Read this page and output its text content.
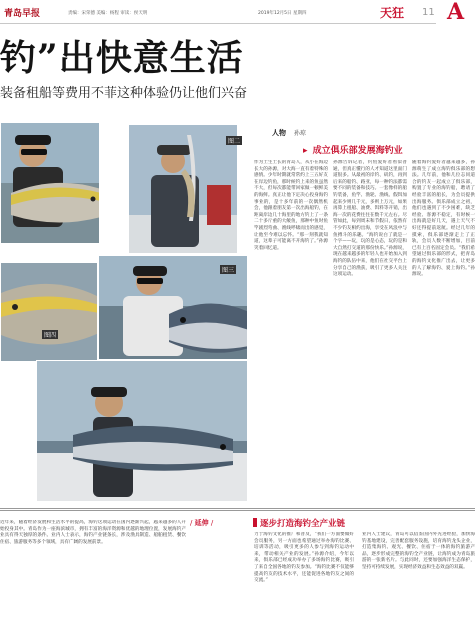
青岛早报	责编：宋荣德 美编：杨程 审读：侯天明	2019年12月5日 星期四	天狂 11 A
钓”出快意生活
装备租船等费用不菲这种体验仍让他们兴奋
图二
图三
图四
人物 孙琼
▸ 成立俱乐部发展海钓业
作为土生土长的青岛人，从小在海边长大的孙源，对大海一直有着特殊的感情。少年时期就常常约上三五好友在岸边钓鱼，那时候钓上来的鱼虽然不大，但每次都能带回家做一顿鲜美的海鲜。真正让他下定决心投身海钓事业的，是十多年前的一次偶然机会，他跟着朋友第一次出海船钓，在距离岸边几十海里的地方钓上了一条二十多斤重的大鲅鱼，那种中鱼时鱼竿剧烈弯曲、渔线呼啸而出的感觉，让他至今难以忘怀。“那一刻我就知道，这辈子可能离不开海钓了。”孙源笑着回忆道。
孙源告诉记者，钓鱼爱好者看似普通，但真正懂行的人才知道这里面门道很多。从最初的岸钓、矶钓，再到后来的船钓、路亚，每一种钓法都需要不同的装备和技巧。一套像样的船钓装备，鱼竿、渔轮、渔线、假饵加起来少则几千元，多则上万元，如果再算上租船、油费、饵料等开销，出海一次的花费往往在数千元左右。尽管如此，每到周末和节假日，依然有不少钓友相约出海，享受在风浪中与鱼搏斗的乐趣。“海钓说白了就是一个字——玩，玩的是心态，玩的是和大自然打交道的那份快乐。”孙源说，现在越来越多的年轻人也开始加入到海钓的队伍中来，他们在社交平台上分享自己的渔获，吸引了更多人关注这项运动。
随着海钓爱好者越来越多，孙源萌生了成立海钓俱乐部的想法。几年前，他和几位志同道合的钓友一起成立了俱乐部，购置了专业的海钓船，聘请了经验丰富的船长，为会员提供出海服务。俱乐部成立之初，他们也遇到了不少困难，缺乏经验、客源不稳定，有时候一出海就是好几天，遇上天气不好还得提前返航。经过几年的摸索，俱乐部逐渐走上了正轨，会员人数不断增加，目前已有上百名固定会员。“我们希望通过俱乐部的形式，把青岛的海钓文化推广出去，让更多的人了解海钓、爱上海钓。”孙源说。
/ 延伸 /	逐步打造海钓全产业链
近年来，随着经济发展和生活水平的提高，海钓这项运动在国内逐渐兴起，越来越多的人开始投身其中。青岛作为一座海滨城市，拥有丰富的海洋资源和优越的地理位置，发展海钓产业具有得天独厚的条件。业内人士表示，海钓产业链条长，涉及渔具制造、船舶租赁、餐饮住宿、旅游服务等多个领域，具有广阔的发展前景。
力于海钓文化的推广和普及，“我们一方面要做好会员服务，另一方面也希望通过举办海钓比赛、培训等活动，吸引更多的人参与到海钓运动中来，带动相关产业的发展。”孙源介绍，今年以来，俱乐部已经成功举办了多场海钓比赛，吸引了来自全国各地的钓友参加。“海钓比赛不仅能够提高钓友的技术水平，还能促进各地钓友之间的交流。”
业内人士建议，青岛可以借鉴国内外先进经验，加快海钓基地建设，完善配套服务设施，培育海钓龙头企业，打造集海钓、观光、餐饮、住宿于一体的海钓旅游产品，逐步形成完整的海钓全产业链，让海钓成为青岛旅游的一张新名片。与此同时，还要加强海洋生态保护，坚持可持续发展，实现经济效益和生态效益的双赢。
